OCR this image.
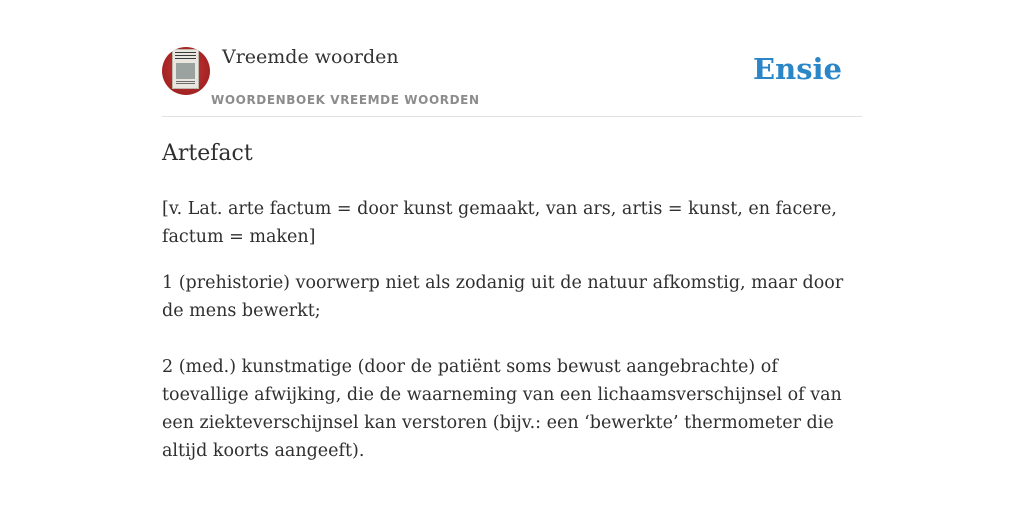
Vreemde woorden
WOORDENBOEK VREEMDE WOORDEN
Ensie
Artefact

[v. Lat. arte factum = door kunst gemaakt, van ars, artis = kunst, en facere, factum = maken]

1 (prehistorie) voorwerp niet als zodanig uit de natuur afkomstig, maar door de mens bewerkt;

2 (med.) kunstmatige (door de patiënt soms bewust aangebrachte) of toevallige afwijking, die de waarneming van een lichaamsverschijnsel of van een ziekteverschijnsel kan verstoren (bijv.: een ‘bewerkte’ thermometer die altijd koorts aangeeft).
